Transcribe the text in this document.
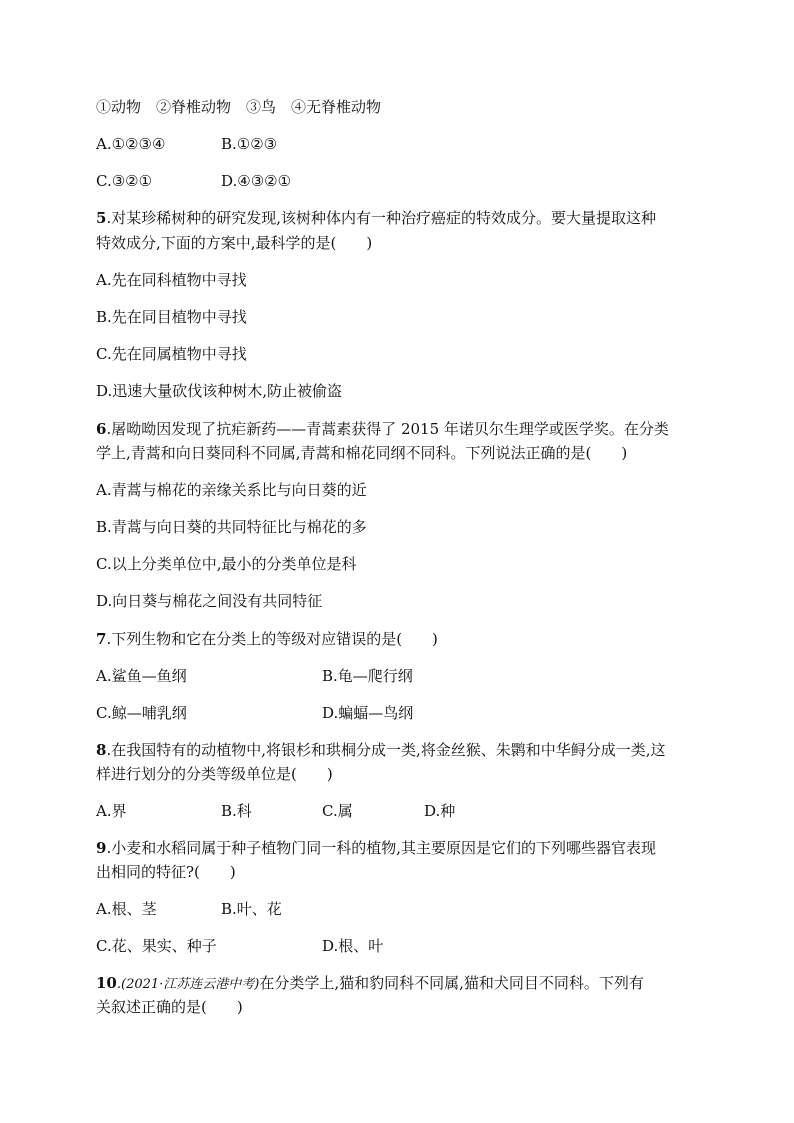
①动物　②脊椎动物　③鸟　④无脊椎动物
A.①②③④	B.①②③
C.③②①	D.④③②①
5.对某珍稀树种的研究发现,该树种体内有一种治疗癌症的特效成分。要大量提取这种
特效成分,下面的方案中,最科学的是(　　)
A.先在同科植物中寻找
B.先在同目植物中寻找
C.先在同属植物中寻找
D.迅速大量砍伐该种树木,防止被偷盗
6.屠呦呦因发现了抗疟新药——青蒿素获得了 2015 年诺贝尔生理学或医学奖。在分类
学上,青蒿和向日葵同科不同属,青蒿和棉花同纲不同科。下列说法正确的是(　　)
A.青蒿与棉花的亲缘关系比与向日葵的近
B.青蒿与向日葵的共同特征比与棉花的多
C.以上分类单位中,最小的分类单位是科
D.向日葵与棉花之间没有共同特征
7.下列生物和它在分类上的等级对应错误的是(　　)
A.鲨鱼—鱼纲	B.龟—爬行纲
C.鲸—哺乳纲	D.蝙蝠—鸟纲
8.在我国特有的动植物中,将银杉和珙桐分成一类,将金丝猴、朱鹮和中华鲟分成一类,这
样进行划分的分类等级单位是(　　)
A.界	B.科	C.属	D.种
9.小麦和水稻同属于种子植物门同一科的植物,其主要原因是它们的下列哪些器官表现
出相同的特征?(　　)
A.根、茎	B.叶、花
C.花、果实、种子	D.根、叶
10.(2021·江苏连云港中考)在分类学上,猫和豹同科不同属,猫和犬同目不同科。下列有
关叙述正确的是(　　)
